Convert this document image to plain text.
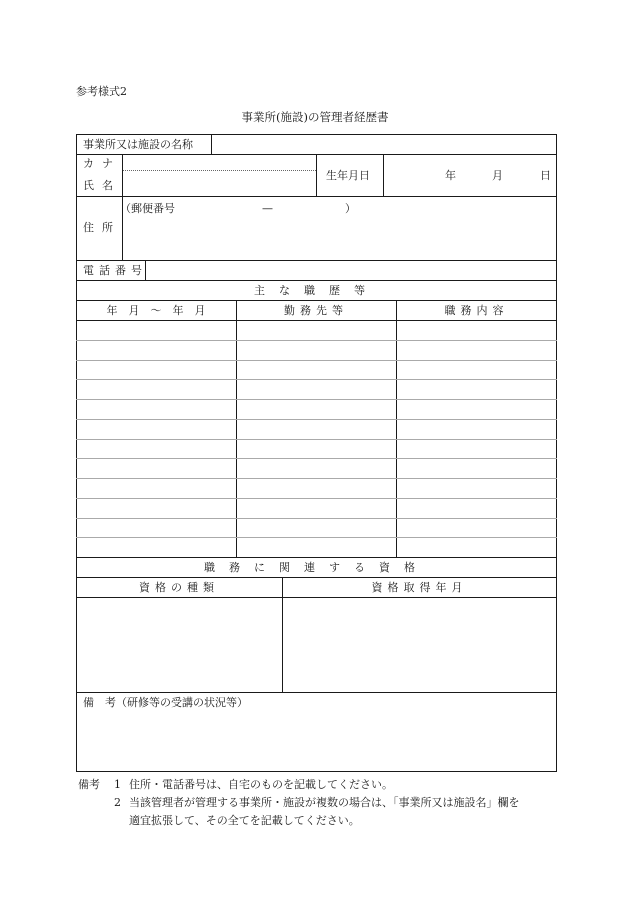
参考様式2
事業所(施設)の管理者経歴書
事業所又は施設の名称
カナ
氏名
生年月日	年	月	日
住所
（郵便番号	—	）
電話番号
主な職歴等
年　月　～　年　月	勤務先等	職務内容
職務に関連する資格
資格の種類	資格取得年月
備　考（研修等の受講の状況等）
備考 1 住所・電話番号は、自宅のものを記載してください。
2 当該管理者が管理する事業所・施設が複数の場合は、「事業所又は施設名」欄を
適宜拡張して、その全てを記載してください。
